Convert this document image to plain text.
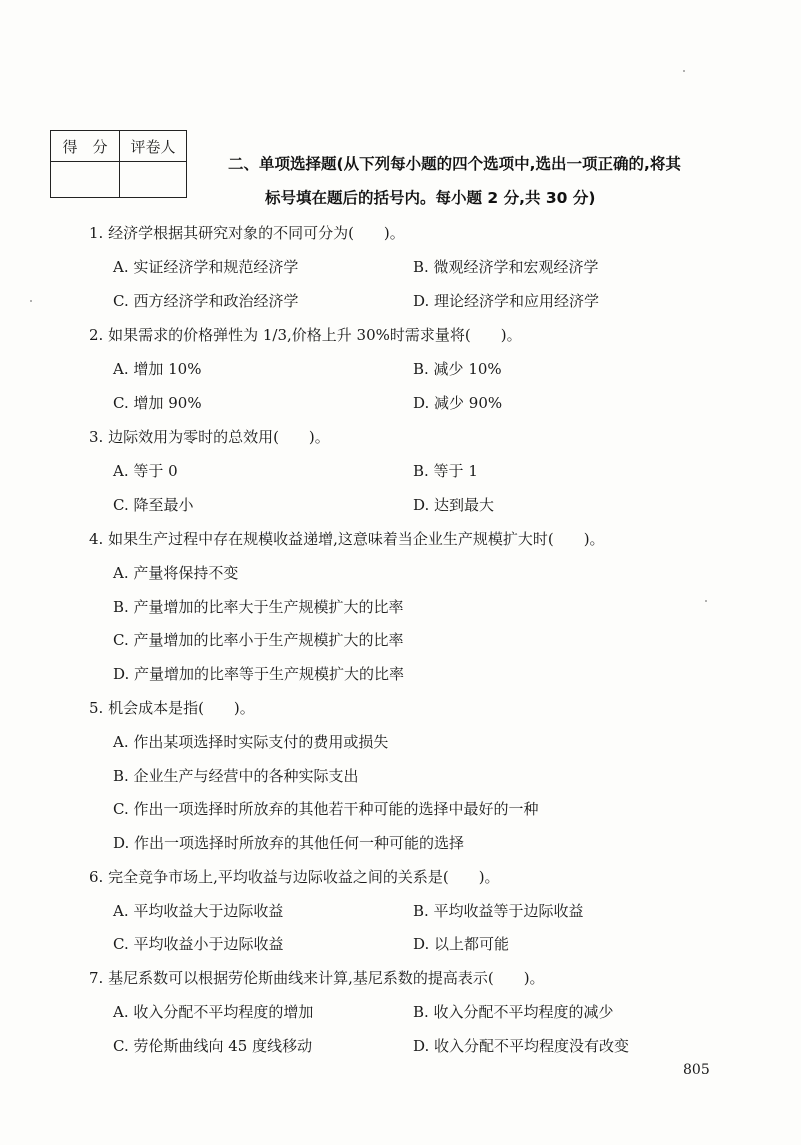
得　分	评卷人

二、单项选择题(从下列每小题的四个选项中,选出一项正确的,将其
标号填在题后的括号内。每小题 2 分,共 30 分)
1. 经济学根据其研究对象的不同可分为(　　)。
A. 实证经济学和规范经济学	B. 微观经济学和宏观经济学
C. 西方经济学和政治经济学	D. 理论经济学和应用经济学
2. 如果需求的价格弹性为 1/3,价格上升 30%时需求量将(　　)。
A. 增加 10%	B. 减少 10%
C. 增加 90%	D. 减少 90%
3. 边际效用为零时的总效用(　　)。
A. 等于 0	B. 等于 1
C. 降至最小	D. 达到最大
4. 如果生产过程中存在规模收益递增,这意味着当企业生产规模扩大时(　　)。
A. 产量将保持不变
B. 产量增加的比率大于生产规模扩大的比率
C. 产量增加的比率小于生产规模扩大的比率
D. 产量增加的比率等于生产规模扩大的比率
5. 机会成本是指(　　)。
A. 作出某项选择时实际支付的费用或损失
B. 企业生产与经营中的各种实际支出
C. 作出一项选择时所放弃的其他若干种可能的选择中最好的一种
D. 作出一项选择时所放弃的其他任何一种可能的选择
6. 完全竞争市场上,平均收益与边际收益之间的关系是(　　)。
A. 平均收益大于边际收益	B. 平均收益等于边际收益
C. 平均收益小于边际收益	D. 以上都可能
7. 基尼系数可以根据劳伦斯曲线来计算,基尼系数的提高表示(　　)。
A. 收入分配不平均程度的增加	B. 收入分配不平均程度的减少
C. 劳伦斯曲线向 45 度线移动	D. 收入分配不平均程度没有改变
805
